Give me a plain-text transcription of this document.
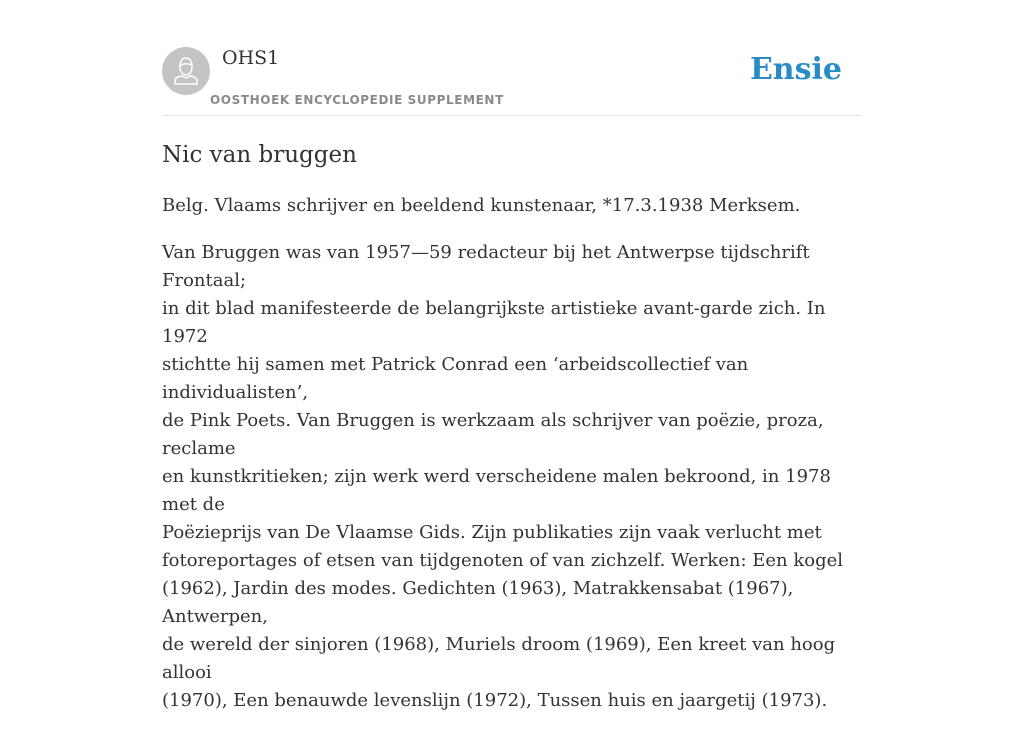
OHS1
OOSTHOEK ENCYCLOPEDIE SUPPLEMENT
Ensie
Nic van bruggen

Belg. Vlaams schrijver en beeldend kunstenaar, *17.3.1938 Merksem.

Van Bruggen was van 1957—59 redacteur bij het Antwerpse tijdschrift Frontaal;
in dit blad manifesteerde de belangrijkste artistieke avant-garde zich. In 1972
stichtte hij samen met Patrick Conrad een ‘arbeidscollectief van individualisten’,
de Pink Poets. Van Bruggen is werkzaam als schrijver van poëzie, proza, reclame
en kunstkritieken; zijn werk werd verscheidene malen bekroond, in 1978 met de
Poëzieprijs van De Vlaamse Gids. Zijn publikaties zijn vaak verlucht met
fotoreportages of etsen van tijdgenoten of van zichzelf. Werken: Een kogel
(1962), Jardin des modes. Gedichten (1963), Matrakkensabat (1967), Antwerpen,
de wereld der sinjoren (1968), Muriels droom (1969), Een kreet van hoog allooi
(1970), Een benauwde levenslijn (1972), Tussen huis en jaargetij (1973).
